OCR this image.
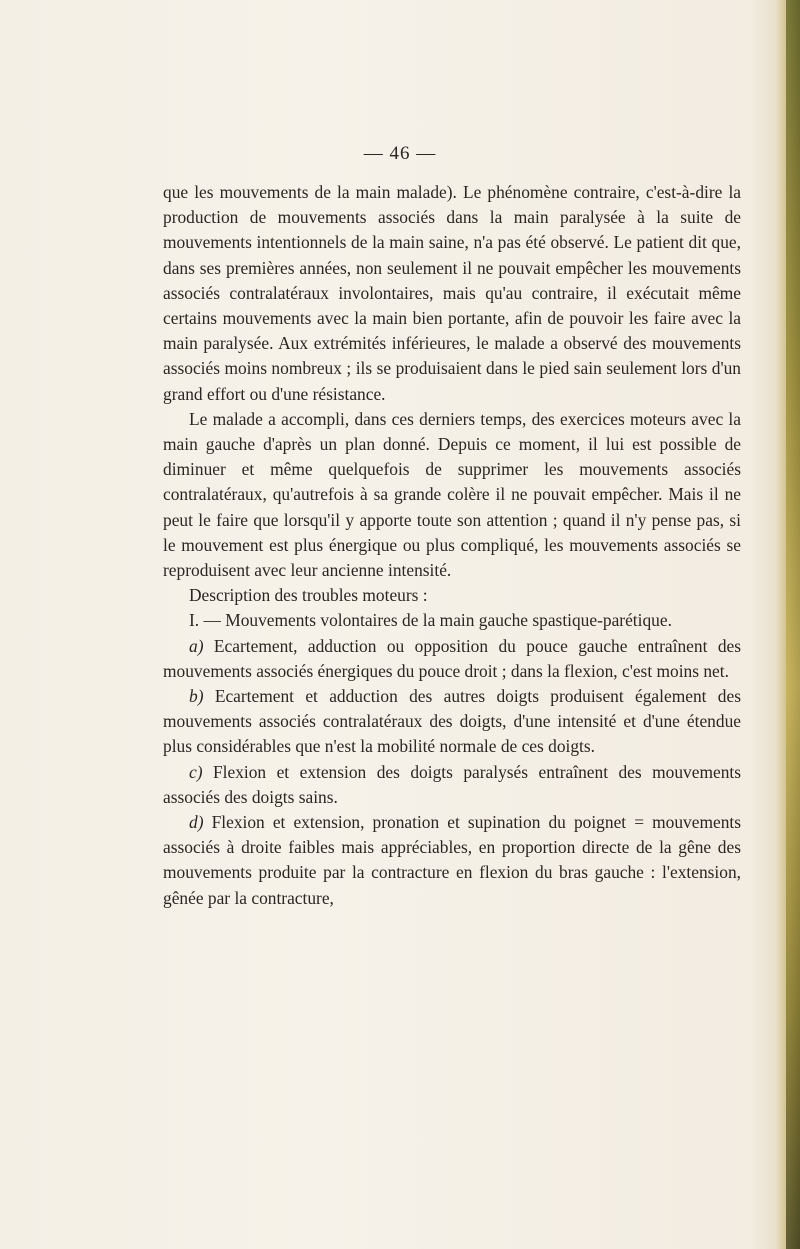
— 46 —

que les mouvements de la main malade). Le phénomène contraire, c'est-à-dire la production de mouvements associés dans la main paralysée à la suite de mouvements intentionnels de la main saine, n'a pas été observé. Le patient dit que, dans ses premières années, non seulement il ne pouvait empêcher les mouvements associés contralatéraux involontaires, mais qu'au contraire, il exécutait même certains mouvements avec la main bien portante, afin de pouvoir les faire avec la main paralysée. Aux extrémités inférieures, le malade a observé des mouvements associés moins nombreux ; ils se produisaient dans le pied sain seulement lors d'un grand effort ou d'une résistance.

Le malade a accompli, dans ces derniers temps, des exercices moteurs avec la main gauche d'après un plan donné. Depuis ce moment, il lui est possible de diminuer et même quelquefois de supprimer les mouvements associés contralatéraux, qu'autrefois à sa grande colère il ne pouvait empêcher. Mais il ne peut le faire que lorsqu'il y apporte toute son attention ; quand il n'y pense pas, si le mouvement est plus énergique ou plus compliqué, les mouvements associés se reproduisent avec leur ancienne intensité.

Description des troubles moteurs :

I. — Mouvements volontaires de la main gauche spastique-parétique.

a) Ecartement, adduction ou opposition du pouce gauche entraînent des mouvements associés énergiques du pouce droit ; dans la flexion, c'est moins net.

b) Ecartement et adduction des autres doigts produisent également des mouvements associés contralatéraux des doigts, d'une intensité et d'une étendue plus considérables que n'est la mobilité normale de ces doigts.

c) Flexion et extension des doigts paralysés entraînent des mouvements associés des doigts sains.

d) Flexion et extension, pronation et supination du poignet = mouvements associés à droite faibles mais appréciables, en proportion directe de la gêne des mouvements produite par la contracture en flexion du bras gauche : l'extension, gênée par la contracture,
